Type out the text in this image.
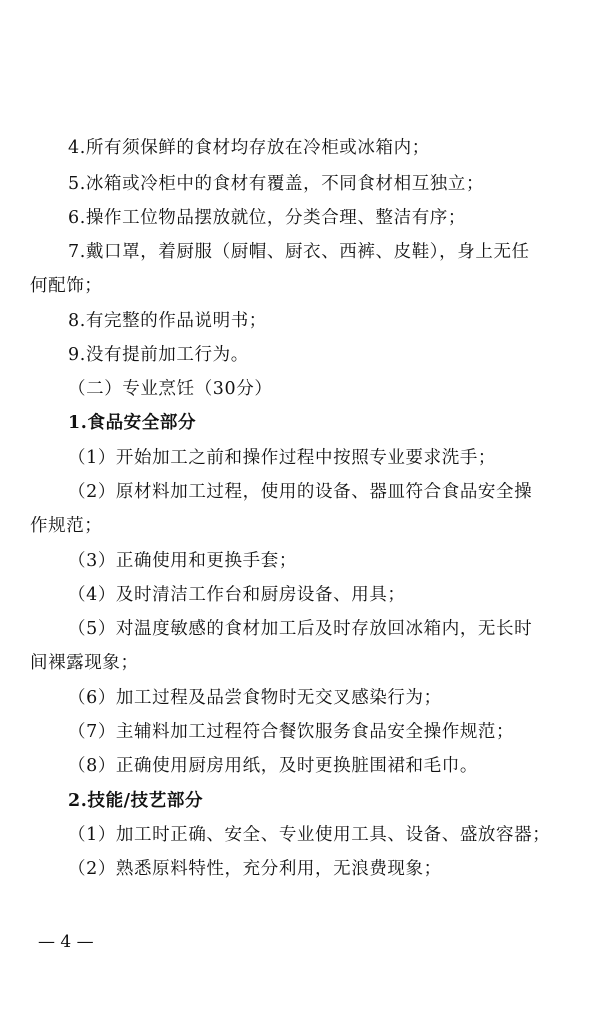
4.所有须保鲜的食材均存放在冷柜或冰箱内；
5.冰箱或冷柜中的食材有覆盖，不同食材相互独立；
6.操作工位物品摆放就位，分类合理、整洁有序；
7.戴口罩，着厨服（厨帽、厨衣、西裤、皮鞋），身上无任
何配饰；
8.有完整的作品说明书；
9.没有提前加工行为。
（二）专业烹饪（30分）
1.食品安全部分
（1）开始加工之前和操作过程中按照专业要求洗手；
（2）原材料加工过程，使用的设备、器皿符合食品安全操
作规范；
（3）正确使用和更换手套；
（4）及时清洁工作台和厨房设备、用具；
（5）对温度敏感的食材加工后及时存放回冰箱内，无长时
间裸露现象；
（6）加工过程及品尝食物时无交叉感染行为；
（7）主辅料加工过程符合餐饮服务食品安全操作规范；
（8）正确使用厨房用纸，及时更换脏围裙和毛巾。
2.技能/技艺部分
（1）加工时正确、安全、专业使用工具、设备、盛放容器；
（2）熟悉原料特性，充分利用，无浪费现象；
— 4 —
